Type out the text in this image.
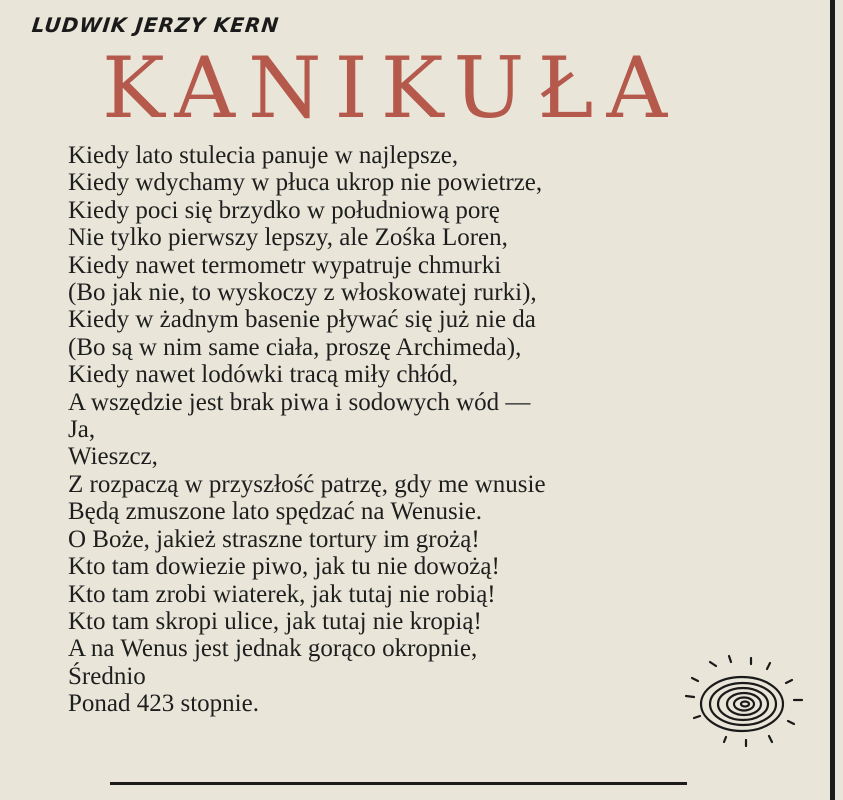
LUDWIK JERZY KERN
KANIKUŁA
Kiedy lato stulecia panuje w najlepsze,
Kiedy wdychamy w płuca ukrop nie powietrze,
Kiedy poci się brzydko w południową porę
Nie tylko pierwszy lepszy, ale Zośka Loren,
Kiedy nawet termometr wypatruje chmurki
(Bo jak nie, to wyskoczy z włoskowatej rurki),
Kiedy w żadnym basenie pływać się już nie da
(Bo są w nim same ciała, proszę Archimeda),
Kiedy nawet lodówki tracą miły chłód,
A wszędzie jest brak piwa i sodowych wód —
Ja,
Wieszcz,
Z rozpaczą w przyszłość patrzę, gdy me wnusie
Będą zmuszone lato spędzać na Wenusie.
O Boże, jakież straszne tortury im grożą!
Kto tam dowiezie piwo, jak tu nie dowożą!
Kto tam zrobi wiaterek, jak tutaj nie robią!
Kto tam skropi ulice, jak tutaj nie kropią!
A na Wenus jest jednak gorąco okropnie,
Średnio
Ponad 423 stopnie.
